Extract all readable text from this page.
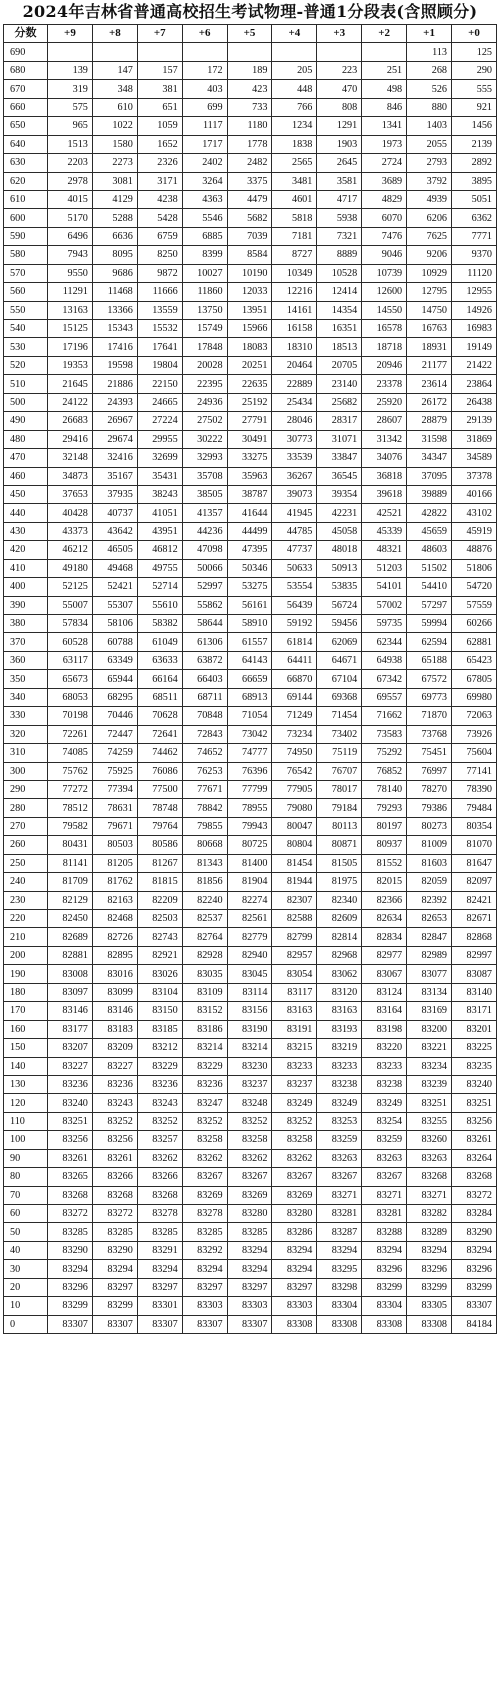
2024年吉林省普通高校招生考试物理-普通1分段表(含照顾分)
分数	+9	+8	+7	+6	+5	+4	+3	+2	+1	+0
690									113	125
680	139	147	157	172	189	205	223	251	268	290
670	319	348	381	403	423	448	470	498	526	555
660	575	610	651	699	733	766	808	846	880	921
650	965	1022	1059	1117	1180	1234	1291	1341	1403	1456
640	1513	1580	1652	1717	1778	1838	1903	1973	2055	2139
630	2203	2273	2326	2402	2482	2565	2645	2724	2793	2892
620	2978	3081	3171	3264	3375	3481	3581	3689	3792	3895
610	4015	4129	4238	4363	4479	4601	4717	4829	4939	5051
600	5170	5288	5428	5546	5682	5818	5938	6070	6206	6362
590	6496	6636	6759	6885	7039	7181	7321	7476	7625	7771
580	7943	8095	8250	8399	8584	8727	8889	9046	9206	9370
570	9550	9686	9872	10027	10190	10349	10528	10739	10929	11120
560	11291	11468	11666	11860	12033	12216	12414	12600	12795	12955
550	13163	13366	13559	13750	13951	14161	14354	14550	14750	14926
540	15125	15343	15532	15749	15966	16158	16351	16578	16763	16983
530	17196	17416	17641	17848	18083	18310	18513	18718	18931	19149
520	19353	19598	19804	20028	20251	20464	20705	20946	21177	21422
510	21645	21886	22150	22395	22635	22889	23140	23378	23614	23864
500	24122	24393	24665	24936	25192	25434	25682	25920	26172	26438
490	26683	26967	27224	27502	27791	28046	28317	28607	28879	29139
480	29416	29674	29955	30222	30491	30773	31071	31342	31598	31869
470	32148	32416	32699	32993	33275	33539	33847	34076	34347	34589
460	34873	35167	35431	35708	35963	36267	36545	36818	37095	37378
450	37653	37935	38243	38505	38787	39073	39354	39618	39889	40166
440	40428	40737	41051	41357	41644	41945	42231	42521	42822	43102
430	43373	43642	43951	44236	44499	44785	45058	45339	45659	45919
420	46212	46505	46812	47098	47395	47737	48018	48321	48603	48876
410	49180	49468	49755	50066	50346	50633	50913	51203	51502	51806
400	52125	52421	52714	52997	53275	53554	53835	54101	54410	54720
390	55007	55307	55610	55862	56161	56439	56724	57002	57297	57559
380	57834	58106	58382	58644	58910	59192	59456	59735	59994	60266
370	60528	60788	61049	61306	61557	61814	62069	62344	62594	62881
360	63117	63349	63633	63872	64143	64411	64671	64938	65188	65423
350	65673	65944	66164	66403	66659	66870	67104	67342	67572	67805
340	68053	68295	68511	68711	68913	69144	69368	69557	69773	69980
330	70198	70446	70628	70848	71054	71249	71454	71662	71870	72063
320	72261	72447	72641	72843	73042	73234	73402	73583	73768	73926
310	74085	74259	74462	74652	74777	74950	75119	75292	75451	75604
300	75762	75925	76086	76253	76396	76542	76707	76852	76997	77141
290	77272	77394	77500	77671	77799	77905	78017	78140	78270	78390
280	78512	78631	78748	78842	78955	79080	79184	79293	79386	79484
270	79582	79671	79764	79855	79943	80047	80113	80197	80273	80354
260	80431	80503	80586	80668	80725	80804	80871	80937	81009	81070
250	81141	81205	81267	81343	81400	81454	81505	81552	81603	81647
240	81709	81762	81815	81856	81904	81944	81975	82015	82059	82097
230	82129	82163	82209	82240	82274	82307	82340	82366	82392	82421
220	82450	82468	82503	82537	82561	82588	82609	82634	82653	82671
210	82689	82726	82743	82764	82779	82799	82814	82834	82847	82868
200	82881	82895	82921	82928	82940	82957	82968	82977	82989	82997
190	83008	83016	83026	83035	83045	83054	83062	83067	83077	83087
180	83097	83099	83104	83109	83114	83117	83120	83124	83134	83140
170	83146	83146	83150	83152	83156	83163	83163	83164	83169	83171
160	83177	83183	83185	83186	83190	83191	83193	83198	83200	83201
150	83207	83209	83212	83214	83214	83215	83219	83220	83221	83225
140	83227	83227	83229	83229	83230	83233	83233	83233	83234	83235
130	83236	83236	83236	83236	83237	83237	83238	83238	83239	83240
120	83240	83243	83243	83247	83248	83249	83249	83249	83251	83251
110	83251	83252	83252	83252	83252	83252	83253	83254	83255	83256
100	83256	83256	83257	83258	83258	83258	83259	83259	83260	83261
90	83261	83261	83262	83262	83262	83262	83263	83263	83263	83264
80	83265	83266	83266	83267	83267	83267	83267	83267	83268	83268
70	83268	83268	83268	83269	83269	83269	83271	83271	83271	83272
60	83272	83272	83278	83278	83280	83280	83281	83281	83282	83284
50	83285	83285	83285	83285	83285	83286	83287	83288	83289	83290
40	83290	83290	83291	83292	83294	83294	83294	83294	83294	83294
30	83294	83294	83294	83294	83294	83294	83295	83296	83296	83296
20	83296	83297	83297	83297	83297	83297	83298	83299	83299	83299
10	83299	83299	83301	83303	83303	83303	83304	83304	83305	83307
0	83307	83307	83307	83307	83307	83308	83308	83308	83308	84184
